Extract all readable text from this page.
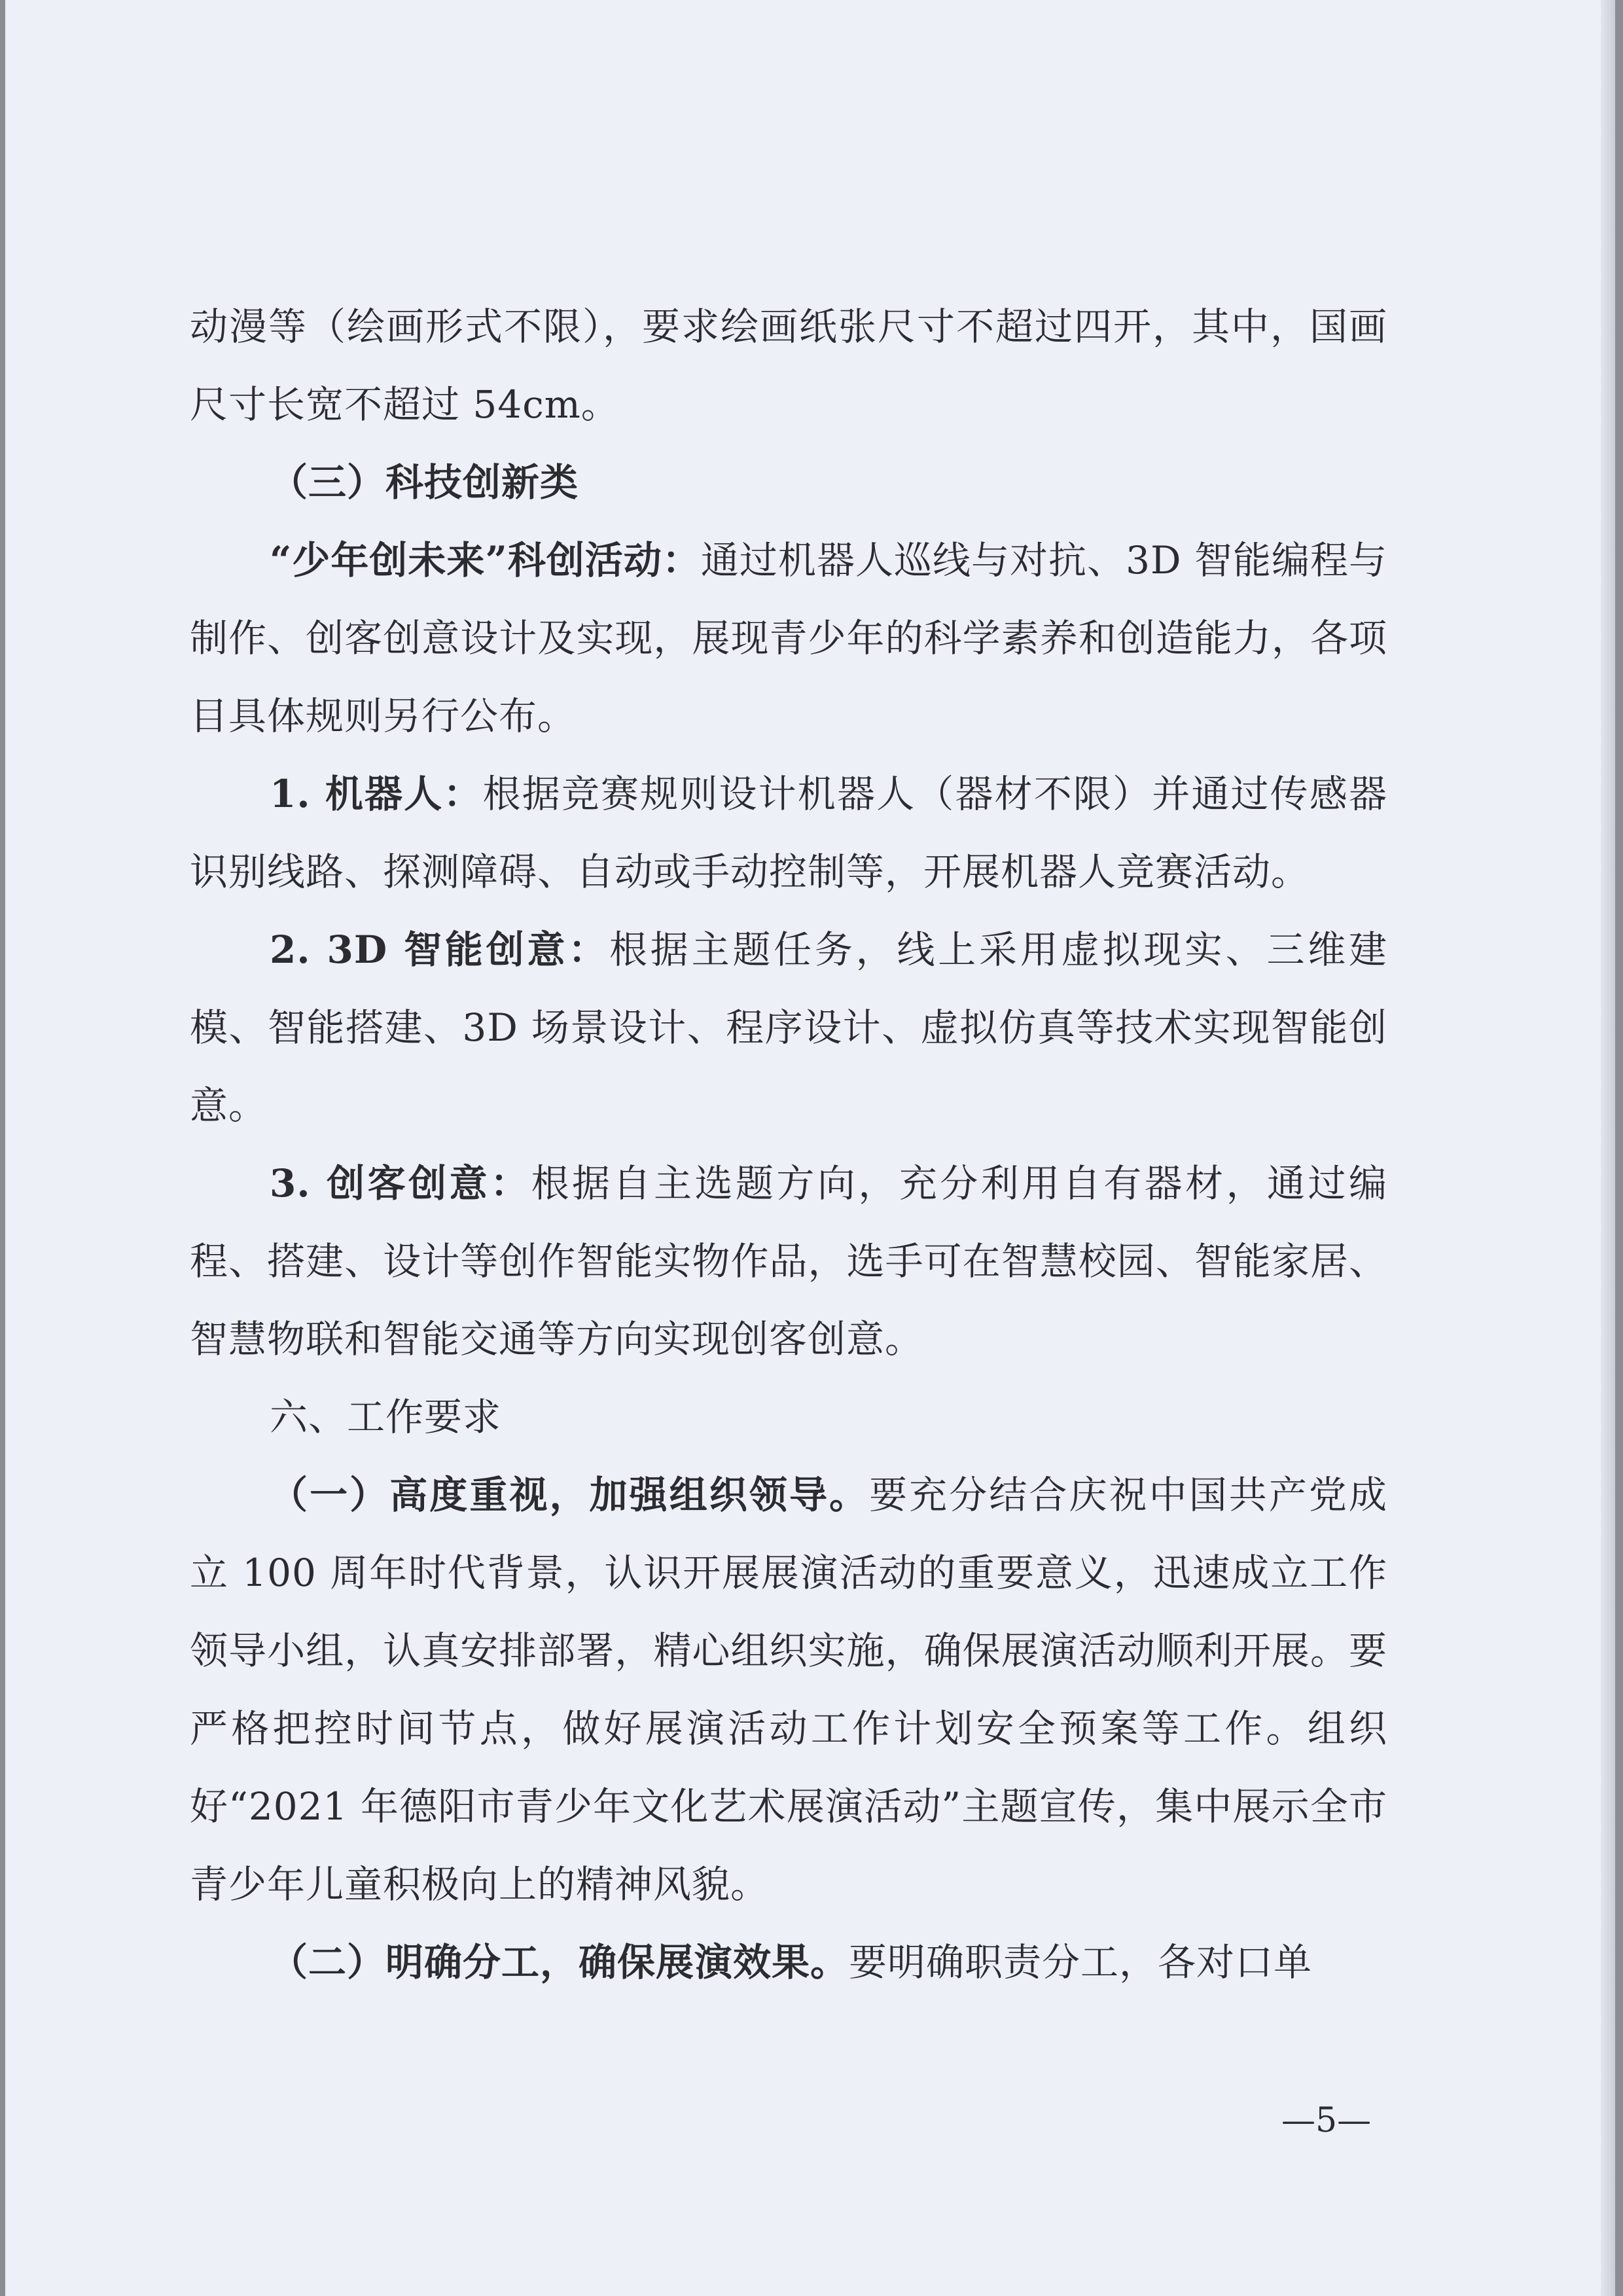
动漫等（绘画形式不限），要求绘画纸张尺寸不超过四开，其中，国画尺寸长宽不超过 54cm。

（三）科技创新类

“少年创未来”科创活动：通过机器人巡线与对抗、3D 智能编程与制作、创客创意设计及实现，展现青少年的科学素养和创造能力，各项目具体规则另行公布。

1. 机器人：根据竞赛规则设计机器人（器材不限）并通过传感器识别线路、探测障碍、自动或手动控制等，开展机器人竞赛活动。

2. 3D 智能创意：根据主题任务，线上采用虚拟现实、三维建模、智能搭建、3D 场景设计、程序设计、虚拟仿真等技术实现智能创意。

3. 创客创意：根据自主选题方向，充分利用自有器材，通过编程、搭建、设计等创作智能实物作品，选手可在智慧校园、智能家居、智慧物联和智能交通等方向实现创客创意。

六、工作要求

（一）高度重视，加强组织领导。要充分结合庆祝中国共产党成立 100 周年时代背景，认识开展展演活动的重要意义，迅速成立工作领导小组，认真安排部署，精心组织实施，确保展演活动顺利开展。要严格把控时间节点，做好展演活动工作计划安全预案等工作。组织好“2021 年德阳市青少年文化艺术展演活动”主题宣传，集中展示全市青少年儿童积极向上的精神风貌。

（二）明确分工，确保展演效果。要明确职责分工，各对口单

—5—
